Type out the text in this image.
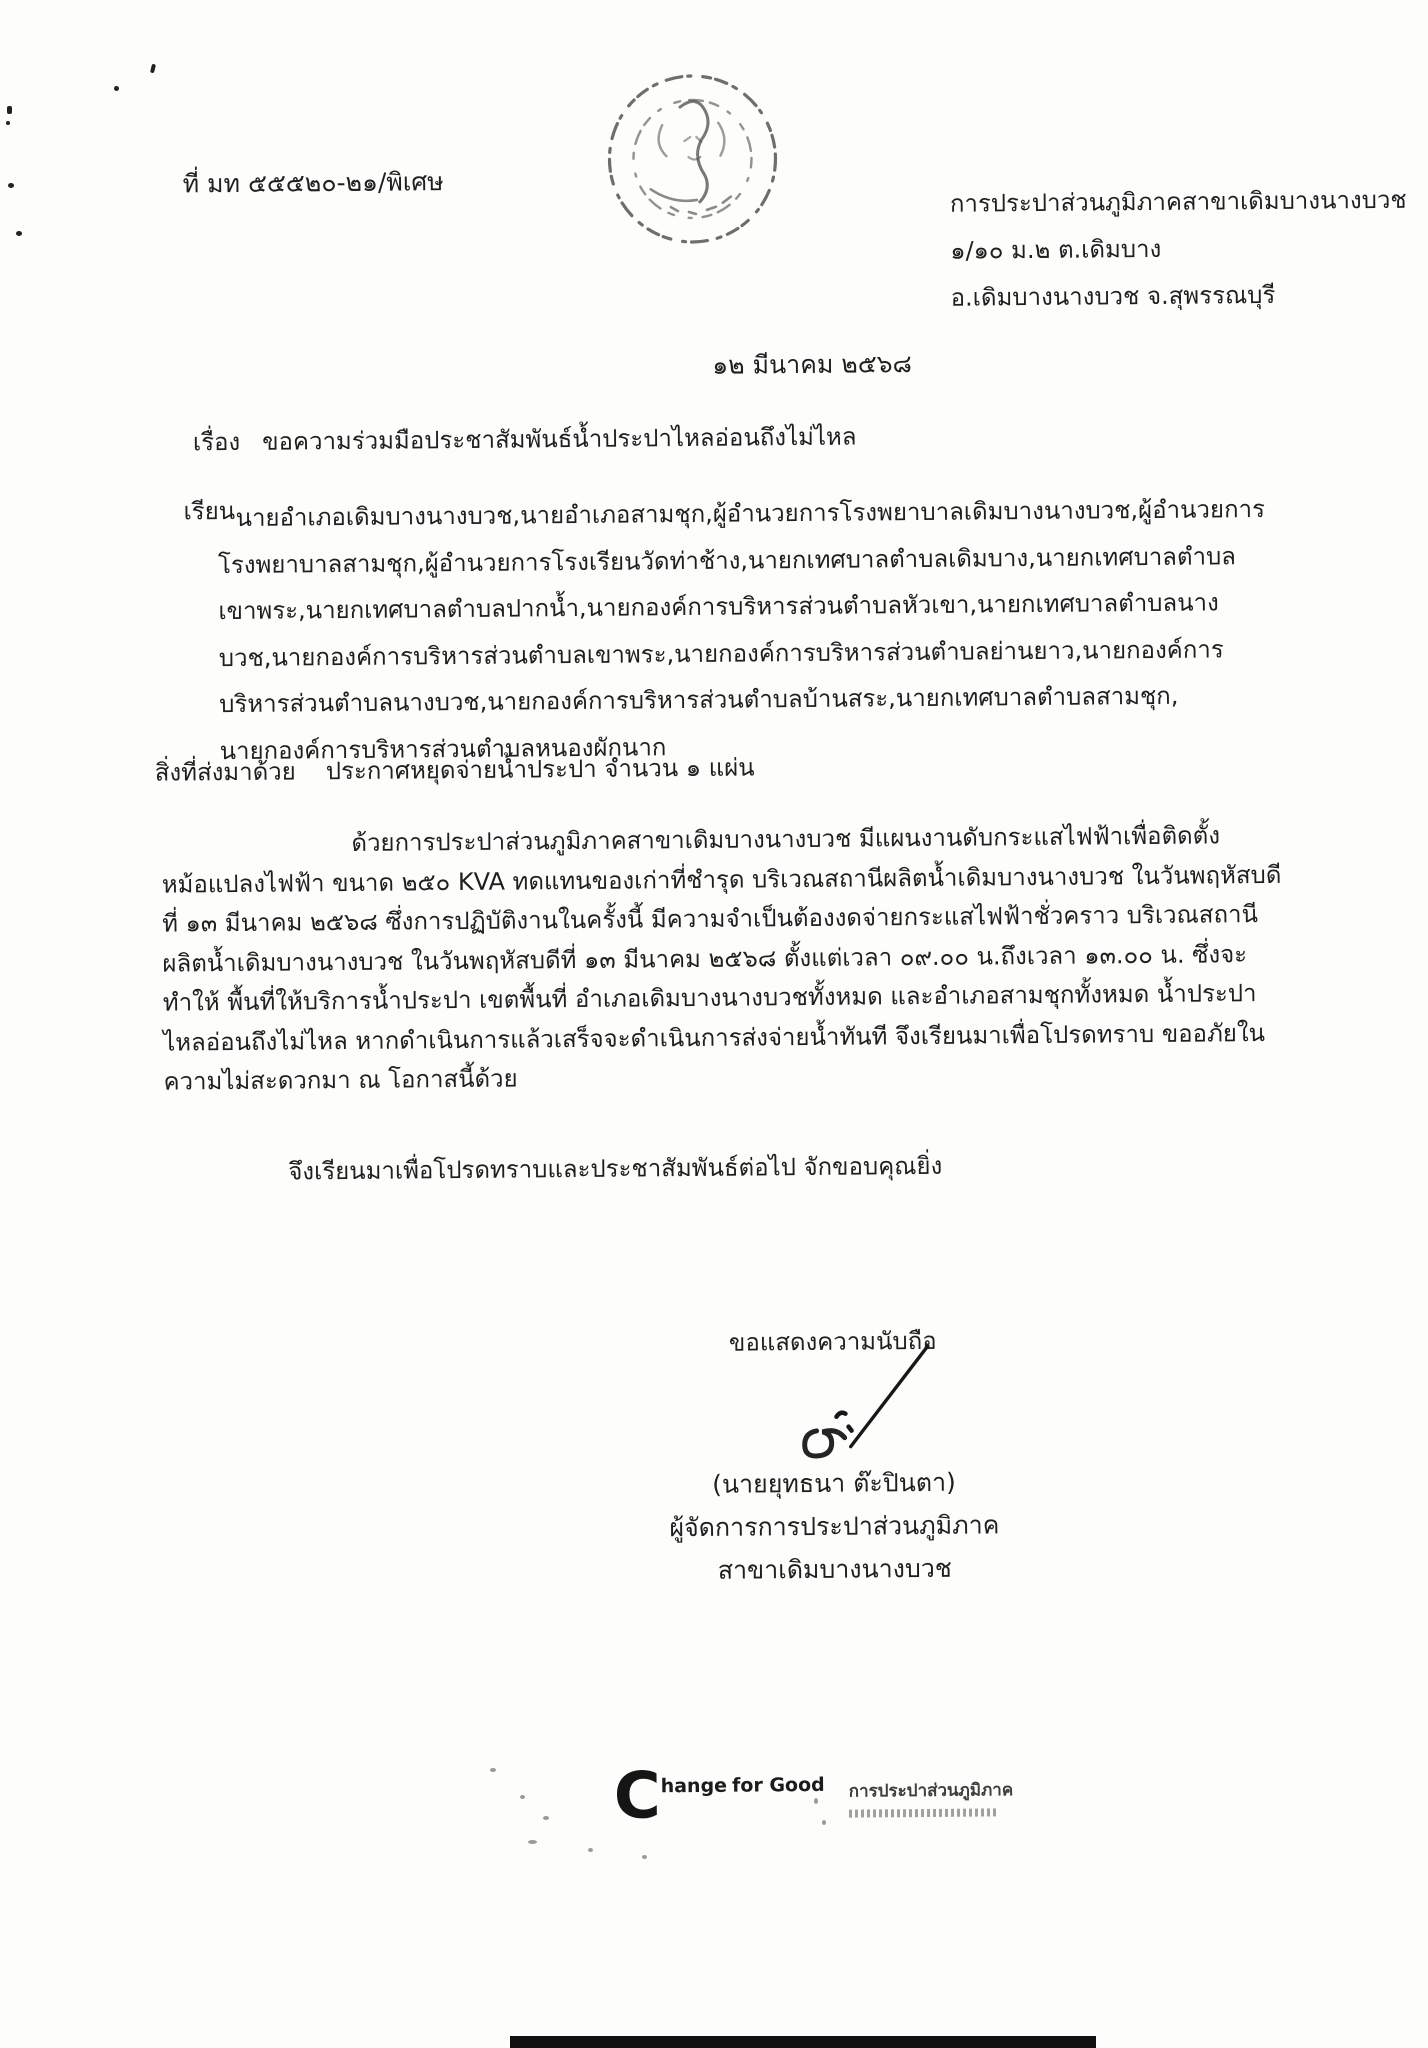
ที่ มท ๕๕๕๒๐-๒๑/พิเศษ
การประปาส่วนภูมิภาคสาขาเดิมบางนางบวช
๑/๑๐ ม.๒ ต.เดิมบาง
อ.เดิมบางนางบวช จ.สุพรรณบุรี
๑๒ มีนาคม ๒๕๖๘
เรื่อง ขอความร่วมมือประชาสัมพันธ์น้ำประปาไหลอ่อนถึงไม่ไหล
เรียน นายอำเภอเดิมบางนางบวช,นายอำเภอสามชุก,ผู้อำนวยการโรงพยาบาลเดิมบางนางบวช,ผู้อำนวยการ
โรงพยาบาลสามชุก,ผู้อำนวยการโรงเรียนวัดท่าช้าง,นายกเทศบาลตำบลเดิมบาง,นายกเทศบาลตำบล
เขาพระ,นายกเทศบาลตำบลปากน้ำ,นายกองค์การบริหารส่วนตำบลหัวเขา,นายกเทศบาลตำบลนาง
บวช,นายกองค์การบริหารส่วนตำบลเขาพระ,นายกองค์การบริหารส่วนตำบลย่านยาว,นายกองค์การ
บริหารส่วนตำบลนางบวช,นายกองค์การบริหารส่วนตำบลบ้านสระ,นายกเทศบาลตำบลสามชุก,
นายกองค์การบริหารส่วนตำบลหนองผักนาก
สิ่งที่ส่งมาด้วย ประกาศหยุดจ่ายน้ำประปา จำนวน ๑ แผ่น
ด้วยการประปาส่วนภูมิภาคสาขาเดิมบางนางบวช มีแผนงานดับกระแสไฟฟ้าเพื่อติดตั้ง
หม้อแปลงไฟฟ้า ขนาด ๒๕๐ KVA ทดแทนของเก่าที่ชำรุด บริเวณสถานีผลิตน้ำเดิมบางนางบวช ในวันพฤหัสบดี
ที่ ๑๓ มีนาคม ๒๕๖๘ ซึ่งการปฏิบัติงานในครั้งนี้ มีความจำเป็นต้องงดจ่ายกระแสไฟฟ้าชั่วคราว บริเวณสถานี
ผลิตน้ำเดิมบางนางบวช ในวันพฤหัสบดีที่ ๑๓ มีนาคม ๒๕๖๘ ตั้งแต่เวลา ๐๙.๐๐ น.ถึงเวลา ๑๓.๐๐ น. ซึ่งจะ
ทำให้ พื้นที่ให้บริการน้ำประปา เขตพื้นที่ อำเภอเดิมบางนางบวชทั้งหมด และอำเภอสามชุกทั้งหมด น้ำประปา
ไหลอ่อนถึงไม่ไหล หากดำเนินการแล้วเสร็จจะดำเนินการส่งจ่ายน้ำทันที จึงเรียนมาเพื่อโปรดทราบ ขออภัยใน
ความไม่สะดวกมา ณ โอกาสนี้ด้วย
จึงเรียนมาเพื่อโปรดทราบและประชาสัมพันธ์ต่อไป จักขอบคุณยิ่ง
ขอแสดงความนับถือ
(นายยุทธนา ต๊ะปินตา)
ผู้จัดการการประปาส่วนภูมิภาค
สาขาเดิมบางนางบวช
C hange for Good การประปาส่วนภูมิภาค
